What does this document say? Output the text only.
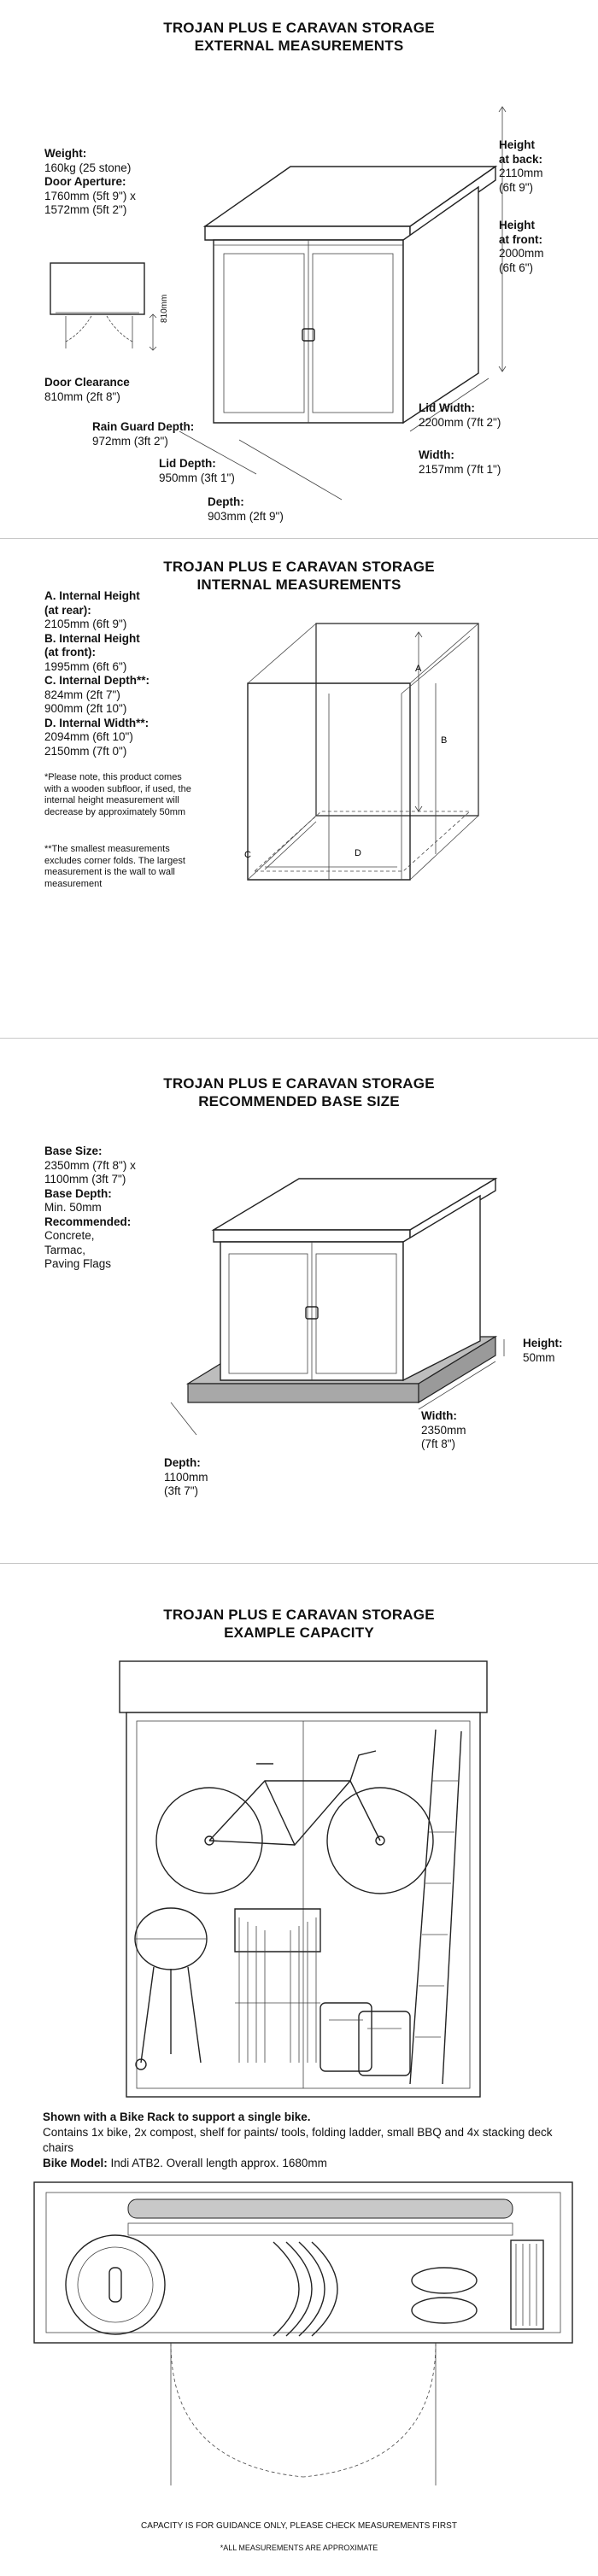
TROJAN PLUS E CARAVAN STORAGE
EXTERNAL MEASUREMENTS
Weight:
160kg (25 stone)
Door Aperture:
1760mm (5ft 9") x
1572mm (5ft 2")
810mm
Door Clearance
810mm (2ft 8")
Height
at back:
2110mm
(6ft 9")
Height
at front:
2000mm
(6ft 6")
Lid Width:
2200mm (7ft 2")
Width:
2157mm (7ft 1")
Rain Guard Depth:
972mm (3ft 2")
Lid Depth:
950mm (3ft 1")
Depth:
903mm (2ft 9")
TROJAN PLUS E CARAVAN STORAGE
INTERNAL MEASUREMENTS
A. Internal Height
(at rear):
2105mm (6ft 9")
B. Internal Height
(at front):
1995mm (6ft 6")
C. Internal Depth**:
824mm (2ft 7")
900mm (2ft 10")
D. Internal Width**:
2094mm (6ft 10")
2150mm (7ft 0")
*Please note, this product comes with a wooden subfloor, if used, the internal height measurement will decrease by approximately 50mm
**The smallest measurements excludes corner folds. The largest measurement is the wall to wall measurement
A
B
C	D
TROJAN PLUS E CARAVAN STORAGE
RECOMMENDED BASE SIZE
Base Size:
2350mm (7ft 8") x
1100mm (3ft 7")
Base Depth:
Min. 50mm
Recommended:
Concrete,
Tarmac,
Paving Flags
Height:
50mm
Width:
2350mm
(7ft 8")
Depth:
1100mm
(3ft 7")
TROJAN PLUS E CARAVAN STORAGE
EXAMPLE CAPACITY
Shown with a Bike Rack to support a single bike.
Contains 1x bike, 2x compost, shelf for paints/ tools, folding ladder, small BBQ and 4x stacking deck chairs
Bike Model: Indi ATB2. Overall length approx. 1680mm
CAPACITY IS FOR GUIDANCE ONLY, PLEASE CHECK MEASUREMENTS FIRST
*ALL MEASUREMENTS ARE APPROXIMATE
